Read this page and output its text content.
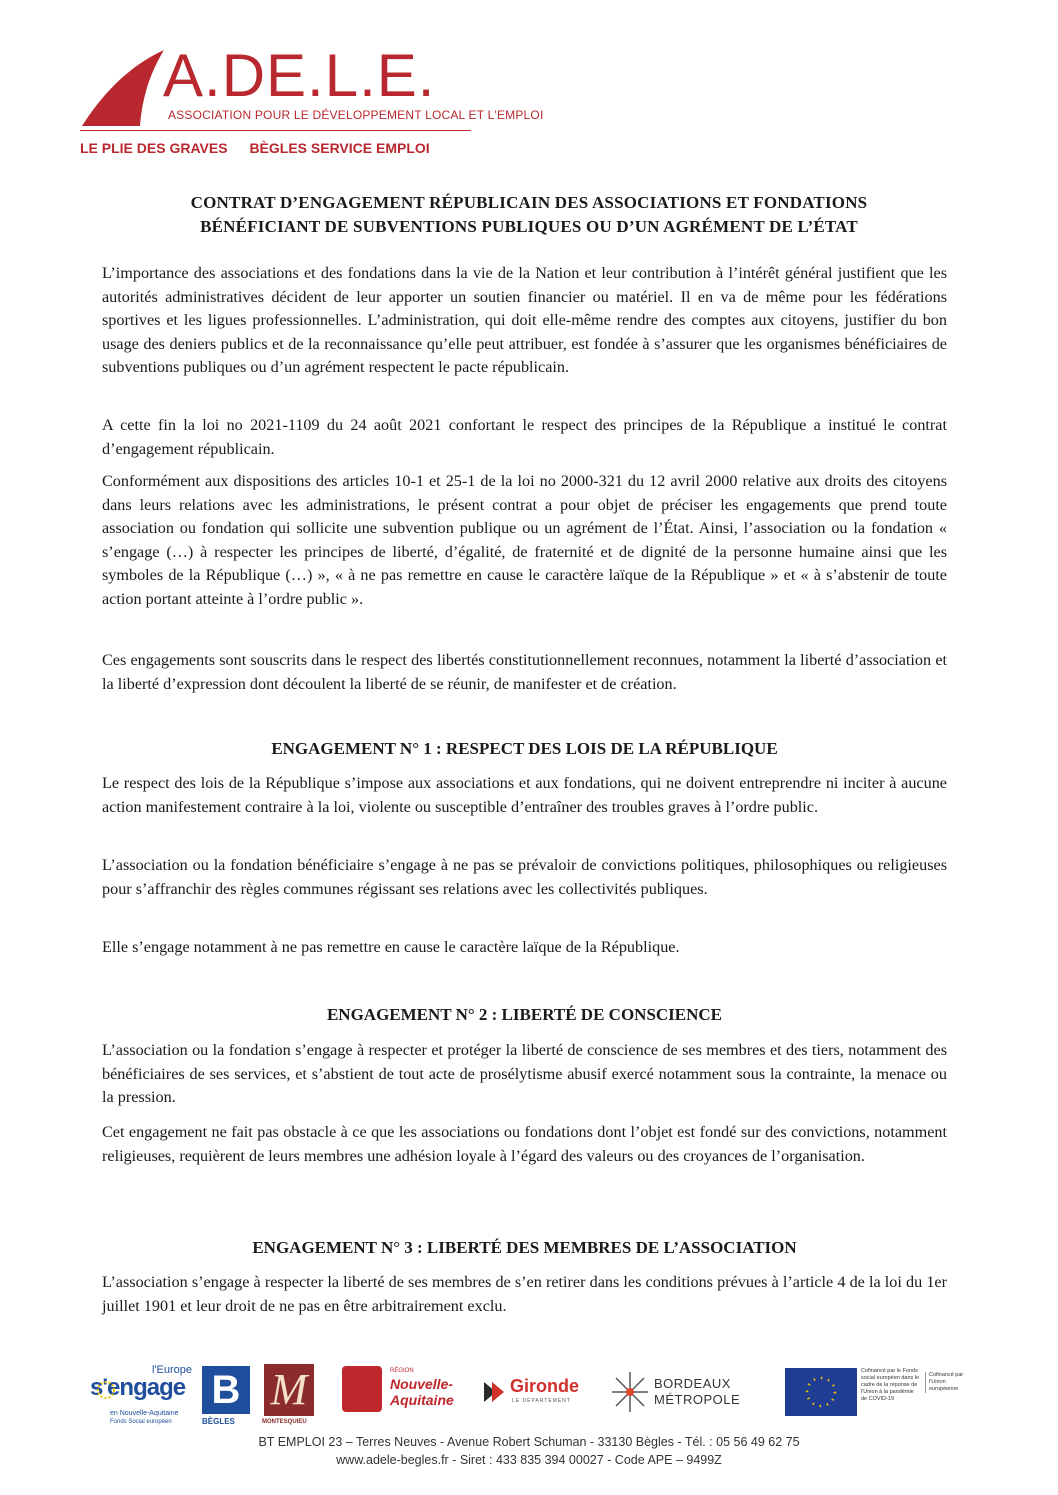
A.DE.L.E.
ASSOCIATION POUR LE DÉVELOPPEMENT LOCAL ET L'EMPLOI
LE PLIE DES GRAVES BÈGLES SERVICE EMPLOI
CONTRAT D’ENGAGEMENT RÉPUBLICAIN DES ASSOCIATIONS ET FONDATIONS
BÉNÉFICIANT DE SUBVENTIONS PUBLIQUES OU D’UN AGRÉMENT DE L’ÉTAT

L’importance des associations et des fondations dans la vie de la Nation et leur contribution à l’intérêt général justifient que les autorités administratives décident de leur apporter un soutien financier ou matériel. Il en va de même pour les fédérations sportives et les ligues professionnelles. L’administration, qui doit elle-même rendre des comptes aux citoyens, justifier du bon usage des deniers publics et de la reconnaissance qu’elle peut attribuer, est fondée à s’assurer que les organismes bénéficiaires de subventions publiques ou d’un agrément respectent le pacte républicain.

A cette fin la loi no 2021-1109 du 24 août 2021 confortant le respect des principes de la République a institué le contrat d’engagement républicain.

Conformément aux dispositions des articles 10-1 et 25-1 de la loi no 2000-321 du 12 avril 2000 relative aux droits des citoyens dans leurs relations avec les administrations, le présent contrat a pour objet de préciser les engagements que prend toute association ou fondation qui sollicite une subvention publique ou un agrément de l’État. Ainsi, l’association ou la fondation « s’engage (…) à respecter les principes de liberté, d’égalité, de fraternité et de dignité de la personne humaine ainsi que les symboles de la République (…) », « à ne pas remettre en cause le caractère laïque de la République » et « à s’abstenir de toute action portant atteinte à l’ordre public ».

Ces engagements sont souscrits dans le respect des libertés constitutionnellement reconnues, notamment la liberté d’association et la liberté d’expression dont découlent la liberté de se réunir, de manifester et de création.

ENGAGEMENT N° 1 : RESPECT DES LOIS DE LA RÉPUBLIQUE

Le respect des lois de la République s’impose aux associations et aux fondations, qui ne doivent entreprendre ni inciter à aucune action manifestement contraire à la loi, violente ou susceptible d’entraîner des troubles graves à l’ordre public.

L’association ou la fondation bénéficiaire s’engage à ne pas se prévaloir de convictions politiques, philosophiques ou religieuses pour s’affranchir des règles communes régissant ses relations avec les collectivités publiques.

Elle s’engage notamment à ne pas remettre en cause le caractère laïque de la République.

ENGAGEMENT N° 2 : LIBERTÉ DE CONSCIENCE

L’association ou la fondation s’engage à respecter et protéger la liberté de conscience de ses membres et des tiers, notamment des bénéficiaires de ses services, et s’abstient de tout acte de prosélytisme abusif exercé notamment sous la contrainte, la menace ou la pression.

Cet engagement ne fait pas obstacle à ce que les associations ou fondations dont l’objet est fondé sur des convictions, notamment religieuses, requièrent de leurs membres une adhésion loyale à l’égard des valeurs ou des croyances de l’organisation.

ENGAGEMENT N° 3 : LIBERTÉ DES MEMBRES DE L’ASSOCIATION

L’association s’engage à respecter la liberté de ses membres de s’en retirer dans les conditions prévues à l’article 4 de la loi du 1er juillet 1901 et leur droit de ne pas en être arbitrairement exclu.

l'Europe
s'engage
en Nouvelle-Aquitaine
Fonds Social européen
B
BÈGLES
M
MONTESQUIEU
RÉGION
Nouvelle-
Aquitaine
Gironde
LE DÉPARTEMENT
BORDEAUX
MÉTROPOLE
Cofinancé par le Fonds social européen dans le cadre de la réponse de l'Union à la pandémie de COVID-19
Cofinancé par l'Union européenne
BT EMPLOI 23 – Terres Neuves - Avenue Robert Schuman - 33130 Bègles - Tél. : 05 56 49 62 75
www.adele-begles.fr - Siret : 433 835 394 00027 - Code APE – 9499Z
